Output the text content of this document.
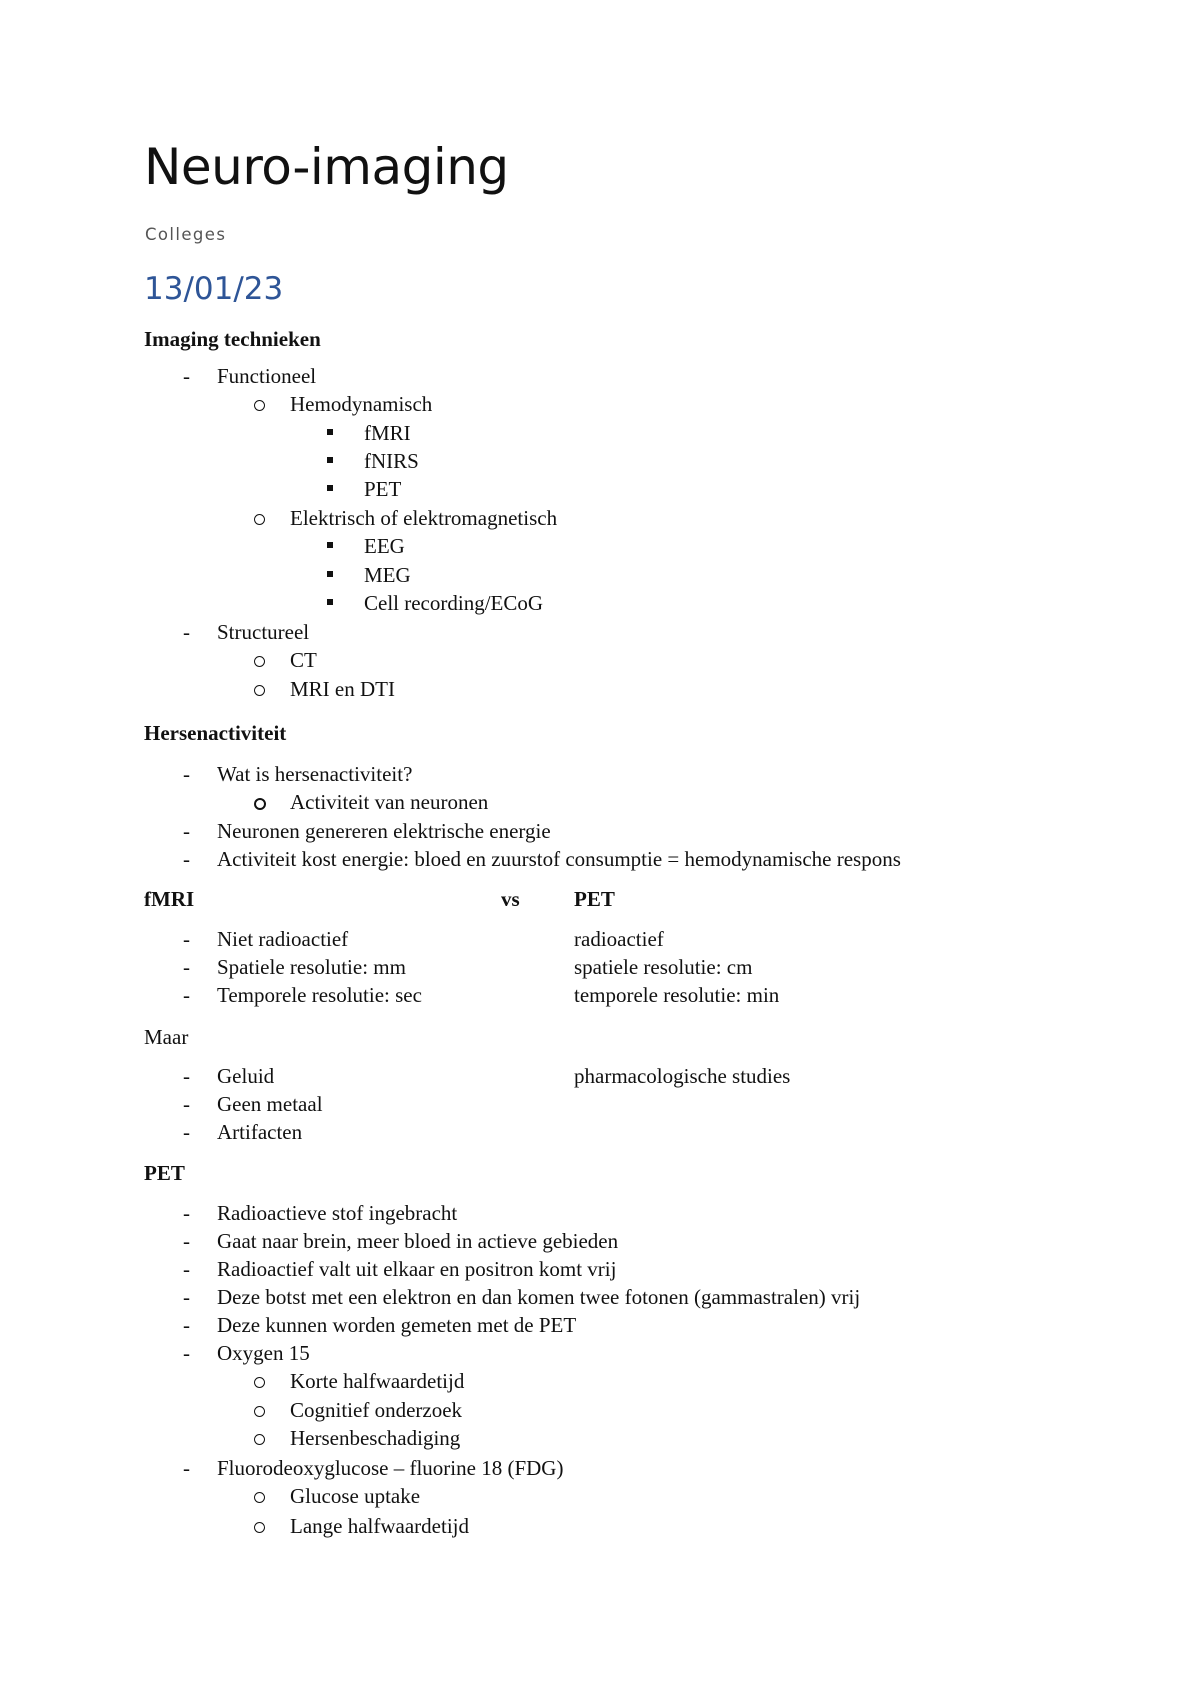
Neuro-imaging

Colleges

13/01/23

Imaging technieken

-
Functioneel
Hemodynamisch
fMRI
fNIRS
PET
Elektrisch of elektromagnetisch
EEG
MEG
Cell recording/ECoG
-
Structureel
CT
MRI en DTI

Hersenactiviteit

-
Wat is hersenactiviteit?
Activiteit van neuronen
-
Neuronen genereren elektrische energie
-
Activiteit kost energie: bloed en zuurstof consumptie = hemodynamische respons
fMRI	vs	PET
-
Niet radioactief	radioactief
-
Spatiele resolutie: mm	spatiele resolutie: cm
-
Temporele resolutie: sec	temporele resolutie: min

Maar

-
Geluid	pharmacologische studies
-
Geen metaal
-
Artifacten

PET

-
Radioactieve stof ingebracht
-
Gaat naar brein, meer bloed in actieve gebieden
-
Radioactief valt uit elkaar en positron komt vrij
-
Deze botst met een elektron en dan komen twee fotonen (gammastralen) vrij
-
Deze kunnen worden gemeten met de PET
-
Oxygen 15
Korte halfwaardetijd
Cognitief onderzoek
Hersenbeschadiging
-
Fluorodeoxyglucose – fluorine 18 (FDG)
Glucose uptake
Lange halfwaardetijd
